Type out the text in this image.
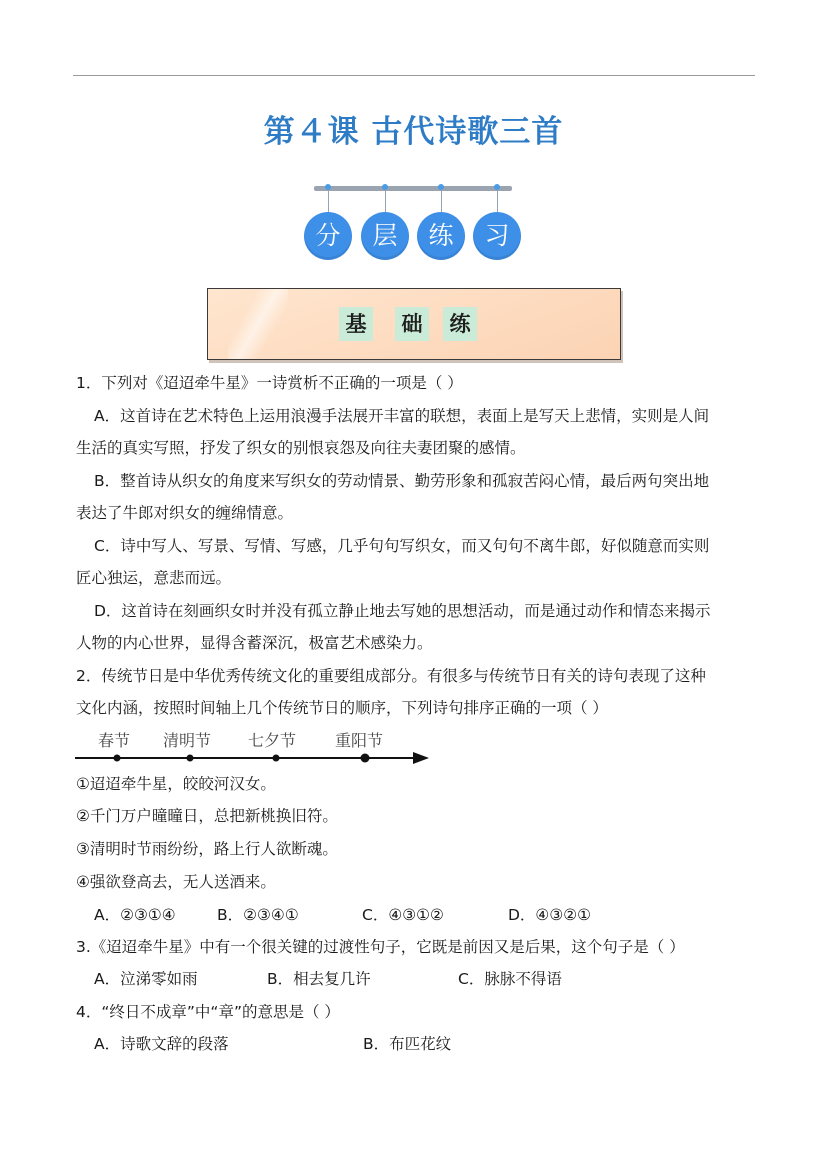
第４课 古代诗歌三首
分	层	练	习
基	础	练
1．下列对《迢迢牵牛星》一诗赏析不正确的一项是（ ）
A．这首诗在艺术特色上运用浪漫手法展开丰富的联想，表面上是写天上悲情，实则是人间
生活的真实写照，抒发了织女的别恨哀怨及向往夫妻团聚的感情。
B．整首诗从织女的角度来写织女的劳动情景、勤劳形象和孤寂苦闷心情，最后两句突出地
表达了牛郎对织女的缠绵情意。
C．诗中写人、写景、写情、写感，几乎句句写织女，而又句句不离牛郎，好似随意而实则
匠心独运，意悲而远。
D．这首诗在刻画织女时并没有孤立静止地去写她的思想活动，而是通过动作和情态来揭示
人物的内心世界，显得含蓄深沉，极富艺术感染力。
2．传统节日是中华优秀传统文化的重要组成部分。有很多与传统节日有关的诗句表现了这种
文化内涵，按照时间轴上几个传统节日的顺序，下列诗句排序正确的一项（ ）
春节 清明节 七夕节 重阳节
①迢迢牵牛星，皎皎河汉女。
②千门万户曈曈日，总把新桃换旧符。
③清明时节雨纷纷，路上行人欲断魂。
④强欲登高去，无人送酒来。
A．②③①④	B．②③④①	C．④③①②	D．④③②①
3.《迢迢牵牛星》中有一个很关键的过渡性句子，它既是前因又是后果，这个句子是（ ）
A．泣涕零如雨	B．相去复几许	C．脉脉不得语
4．“终日不成章”中“章”的意思是（ ）
A．诗歌文辞的段落	B．布匹花纹
